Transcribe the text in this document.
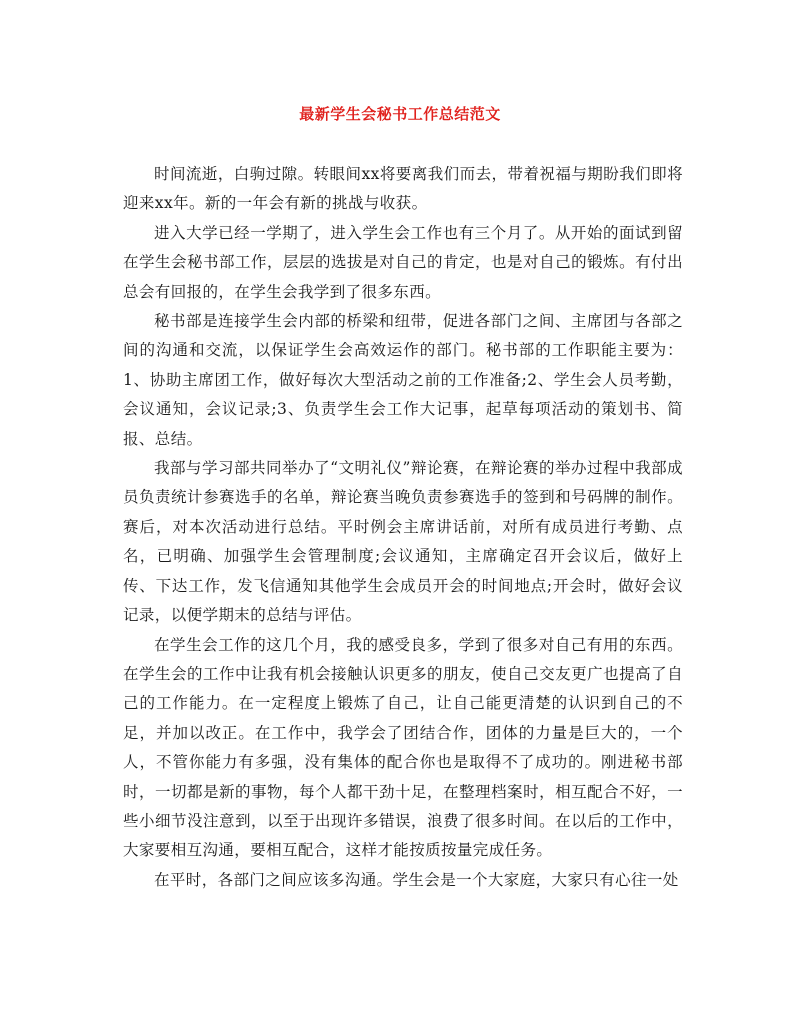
最新学生会秘书工作总结范文

时间流逝，白驹过隙。转眼间xx将要离我们而去，带着祝福与期盼我们即将迎来xx年。新的一年会有新的挑战与收获。

进入大学已经一学期了，进入学生会工作也有三个月了。从开始的面试到留在学生会秘书部工作，层层的选拔是对自己的肯定，也是对自己的锻炼。有付出总会有回报的，在学生会我学到了很多东西。

秘书部是连接学生会内部的桥梁和纽带，促进各部门之间、主席团与各部之间的沟通和交流，以保证学生会高效运作的部门。秘书部的工作职能主要为：1、协助主席团工作，做好每次大型活动之前的工作准备;2、学生会人员考勤，会议通知，会议记录;3、负责学生会工作大记事，起草每项活动的策划书、简报、总结。

我部与学习部共同举办了“文明礼仪”辩论赛，在辩论赛的举办过程中我部成员负责统计参赛选手的名单，辩论赛当晚负责参赛选手的签到和号码牌的制作。赛后，对本次活动进行总结。平时例会主席讲话前，对所有成员进行考勤、点名，已明确、加强学生会管理制度;会议通知，主席确定召开会议后，做好上传、下达工作，发飞信通知其他学生会成员开会的时间地点;开会时，做好会议记录，以便学期末的总结与评估。

在学生会工作的这几个月，我的感受良多，学到了很多对自己有用的东西。在学生会的工作中让我有机会接触认识更多的朋友，使自己交友更广也提高了自己的工作能力。在一定程度上锻炼了自己，让自己能更清楚的认识到自己的不足，并加以改正。在工作中，我学会了团结合作，团体的力量是巨大的，一个人，不管你能力有多强，没有集体的配合你也是取得不了成功的。刚进秘书部时，一切都是新的事物，每个人都干劲十足，在整理档案时，相互配合不好，一些小细节没注意到，以至于出现许多错误，浪费了很多时间。在以后的工作中， 大家要相互沟通，要相互配合，这样才能按质按量完成任务。

在平时，各部门之间应该多沟通。学生会是一个大家庭，大家只有心往一处
